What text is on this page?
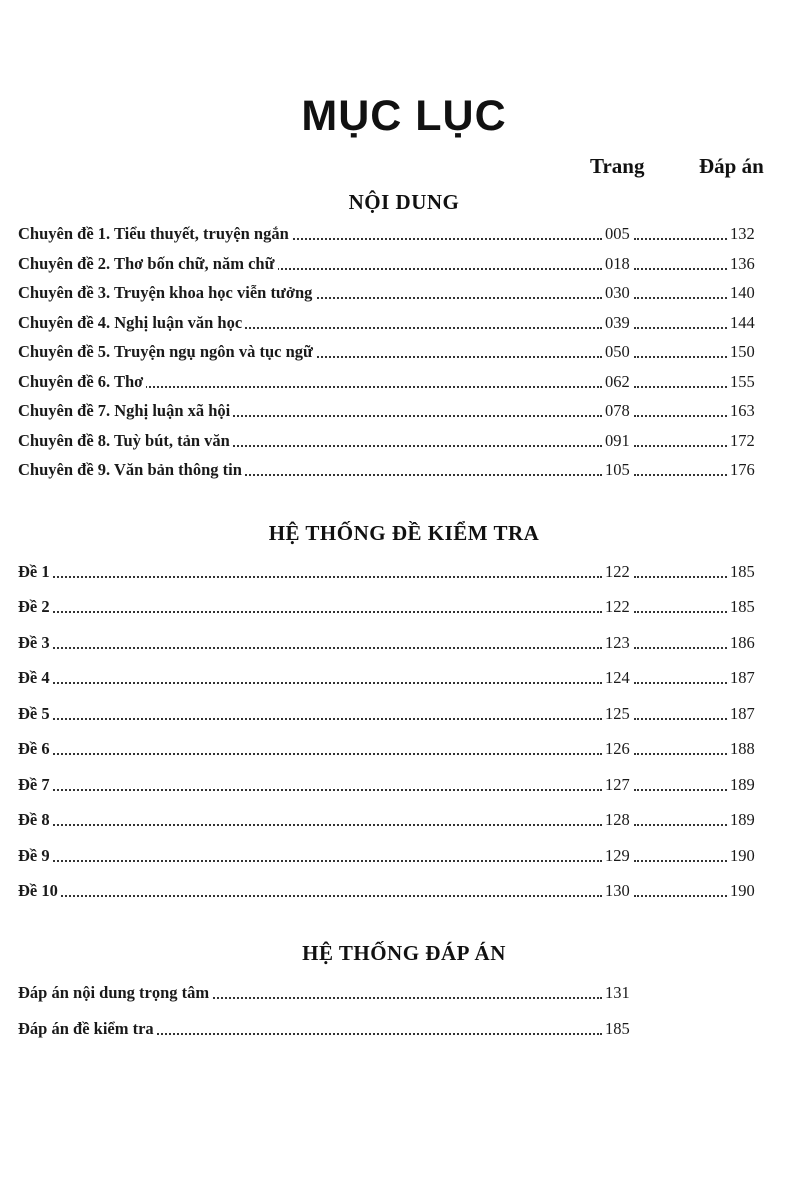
MỤC LỤC
Trang	Đáp án
NỘI DUNG
Chuyên đề 1. Tiểu thuyết, truyện ngắn	005	132
Chuyên đề 2. Thơ bốn chữ, năm chữ	018	136
Chuyên đề 3. Truyện khoa học viễn tưởng	030	140
Chuyên đề 4. Nghị luận văn học	039	144
Chuyên đề 5. Truyện ngụ ngôn và tục ngữ	050	150
Chuyên đề 6. Thơ	062	155
Chuyên đề 7. Nghị luận xã hội	078	163
Chuyên đề 8. Tuỳ bút, tản văn	091	172
Chuyên đề 9. Văn bản thông tin	105	176
HỆ THỐNG ĐỀ KIỂM TRA
Đề 1	122	185
Đề 2	122	185
Đề 3	123	186
Đề 4	124	187
Đề 5	125	187
Đề 6	126	188
Đề 7	127	189
Đề 8	128	189
Đề 9	129	190
Đề 10	130	190
HỆ THỐNG ĐÁP ÁN
Đáp án nội dung trọng tâm	131
Đáp án đề kiểm tra	185
